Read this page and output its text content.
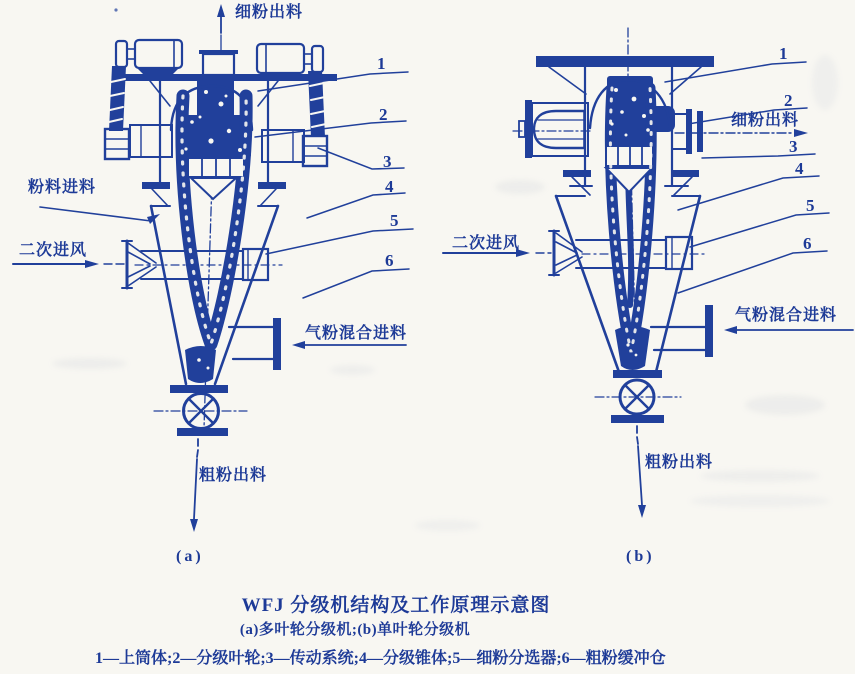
细粉出料
粉料进料
二次进风
气粉混合进料
粗粉出料
(a)
1
2
3
4
5
6
细粉出料
二次进风
气粉混合进料
粗粉出料
(b)
1
2
3
4
5
6
WFJ 分级机结构及工作原理示意图
(a)多叶轮分级机;(b)单叶轮分级机
1—上筒体;2—分级叶轮;3—传动系统;4—分级锥体;5—细粉分选器;6—粗粉缓冲仓
